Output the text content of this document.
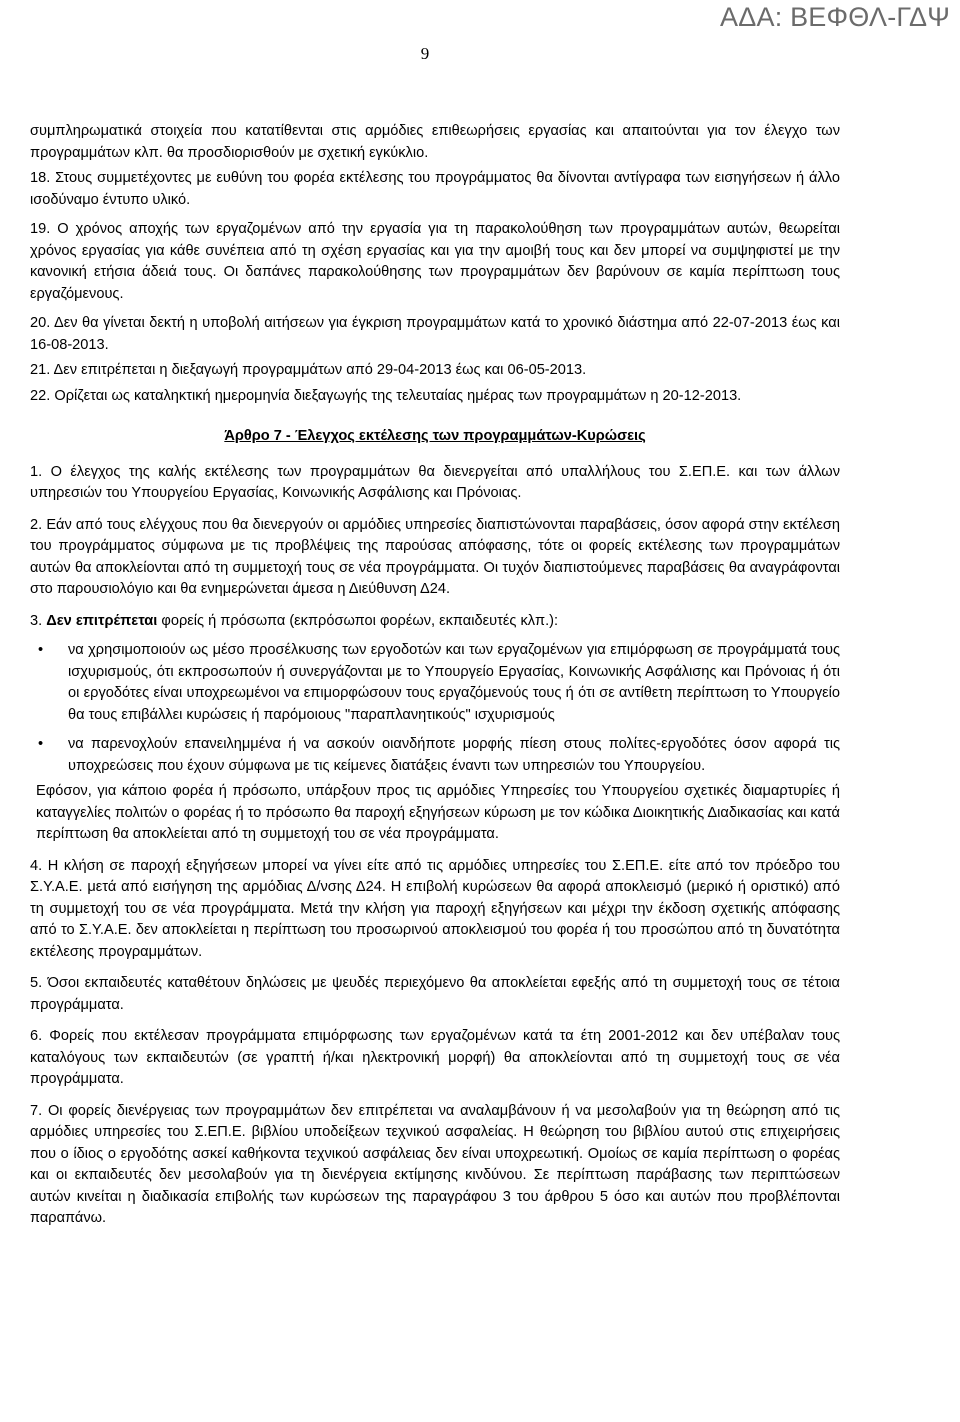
ΑΔΑ: ΒΕΦΘΛ-ΓΔΨ
9

συμπληρωματικά στοιχεία που κατατίθενται στις αρμόδιες επιθεωρήσεις εργασίας και απαιτούνται για τον έλεγχο των προγραμμάτων κλπ. θα προσδιορισθούν με σχετική εγκύκλιο.

18. Στους συμμετέχοντες με ευθύνη του φορέα εκτέλεσης του προγράμματος θα δίνονται αντίγραφα των εισηγήσεων ή άλλο ισοδύναμο έντυπο υλικό.

19. Ο χρόνος αποχής των εργαζομένων από την εργασία για τη παρακολούθηση των προγραμμάτων αυτών, θεωρείται χρόνος εργασίας για κάθε συνέπεια από τη σχέση εργασίας και για την αμοιβή τους και δεν μπορεί να συμψηφιστεί με την κανονική ετήσια άδειά τους. Οι δαπάνες παρακολούθησης των προγραμμάτων δεν βαρύνουν σε καμία περίπτωση τους εργαζόμενους.

20. Δεν θα γίνεται δεκτή η υποβολή αιτήσεων για έγκριση προγραμμάτων κατά το χρονικό διάστημα από 22-07-2013 έως και 16-08-2013.

21. Δεν επιτρέπεται η διεξαγωγή προγραμμάτων από 29-04-2013 έως και 06-05-2013.

22. Ορίζεται ως καταληκτική ημερομηνία διεξαγωγής της τελευταίας ημέρας των προγραμμάτων η 20-12-2013.

Άρθρο 7 - Έλεγχος εκτέλεσης των προγραμμάτων-Κυρώσεις

1. Ο έλεγχος της καλής εκτέλεσης των προγραμμάτων θα διενεργείται από υπαλλήλους του Σ.ΕΠ.Ε. και των άλλων υπηρεσιών του Υπουργείου Εργασίας, Κοινωνικής Ασφάλισης και Πρόνοιας.

2. Εάν από τους ελέγχους που θα διενεργούν οι αρμόδιες υπηρεσίες διαπιστώνονται παραβάσεις, όσον αφορά στην εκτέλεση του προγράμματος σύμφωνα με τις προβλέψεις της παρούσας απόφασης, τότε οι φορείς εκτέλεσης των προγραμμάτων αυτών θα αποκλείονται από τη συμμετοχή τους σε νέα προγράμματα. Οι τυχόν διαπιστούμενες παραβάσεις θα αναγράφονται στο παρουσιολόγιο και θα ενημερώνεται άμεσα η Διεύθυνση Δ24.

3. Δεν επιτρέπεται φορείς ή πρόσωπα (εκπρόσωποι φορέων, εκπαιδευτές κλπ.):

• να χρησιμοποιούν ως μέσο προσέλκυσης των εργοδοτών και των εργαζομένων για επιμόρφωση σε προγράμματά τους ισχυρισμούς, ότι εκπροσωπούν ή συνεργάζονται με το Υπουργείο Εργασίας, Κοινωνικής Ασφάλισης και Πρόνοιας ή ότι οι εργοδότες είναι υποχρεωμένοι να επιμορφώσουν τους εργαζόμενούς τους ή ότι σε αντίθετη περίπτωση το Υπουργείο θα τους επιβάλλει κυρώσεις ή παρόμοιους "παραπλανητικούς" ισχυρισμούς
• να παρενοχλούν επανειλημμένα ή να ασκούν οιανδήποτε μορφής πίεση στους πολίτες-εργοδότες όσον αφορά τις υποχρεώσεις που έχουν σύμφωνα με τις κείμενες διατάξεις έναντι των υπηρεσιών του Υπουργείου.

Εφόσον, για κάποιο φορέα ή πρόσωπο, υπάρξουν προς τις αρμόδιες Υπηρεσίες του Υπουργείου σχετικές διαμαρτυρίες ή καταγγελίες πολιτών ο φορέας ή το πρόσωπο θα παροχή εξηγήσεων κύρωση με τον κώδικα Διοικητικής Διαδικασίας και κατά περίπτωση θα αποκλείεται από τη συμμετοχή του σε νέα προγράμματα.

4. Η κλήση σε παροχή εξηγήσεων μπορεί να γίνει είτε από τις αρμόδιες υπηρεσίες του Σ.ΕΠ.Ε. είτε από τον πρόεδρο του Σ.Υ.Α.Ε. μετά από εισήγηση της αρμόδιας Δ/νσης Δ24. Η επιβολή κυρώσεων θα αφορά αποκλεισμό (μερικό ή οριστικό) από τη συμμετοχή του σε νέα προγράμματα. Μετά την κλήση για παροχή εξηγήσεων και μέχρι την έκδοση σχετικής απόφασης από το Σ.Υ.Α.Ε. δεν αποκλείεται η περίπτωση του προσωρινού αποκλεισμού του φορέα ή του προσώπου από τη δυνατότητα εκτέλεσης προγραμμάτων.

5. Όσοι εκπαιδευτές καταθέτουν δηλώσεις με ψευδές περιεχόμενο θα αποκλείεται εφεξής από τη συμμετοχή τους σε τέτοια προγράμματα.

6. Φορείς που εκτέλεσαν προγράμματα επιμόρφωσης των εργαζομένων κατά τα έτη 2001-2012 και δεν υπέβαλαν τους καταλόγους των εκπαιδευτών (σε γραπτή ή/και ηλεκτρονική μορφή) θα αποκλείονται από τη συμμετοχή τους σε νέα προγράμματα.

7. Οι φορείς διενέργειας των προγραμμάτων δεν επιτρέπεται να αναλαμβάνουν ή να μεσολαβούν για τη θεώρηση από τις αρμόδιες υπηρεσίες του Σ.ΕΠ.Ε. βιβλίου υποδείξεων τεχνικού ασφαλείας. Η θεώρηση του βιβλίου αυτού στις επιχειρήσεις που ο ίδιος ο εργοδότης ασκεί καθήκοντα τεχνικού ασφάλειας δεν είναι υποχρεωτική. Ομοίως σε καμία περίπτωση ο φορέας και οι εκπαιδευτές δεν μεσολαβούν για τη διενέργεια εκτίμησης κινδύνου. Σε περίπτωση παράβασης των περιπτώσεων αυτών κινείται η διαδικασία επιβολής των κυρώσεων της παραγράφου 3 του άρθρου 5 όσο και αυτών που προβλέπονται παραπάνω.
